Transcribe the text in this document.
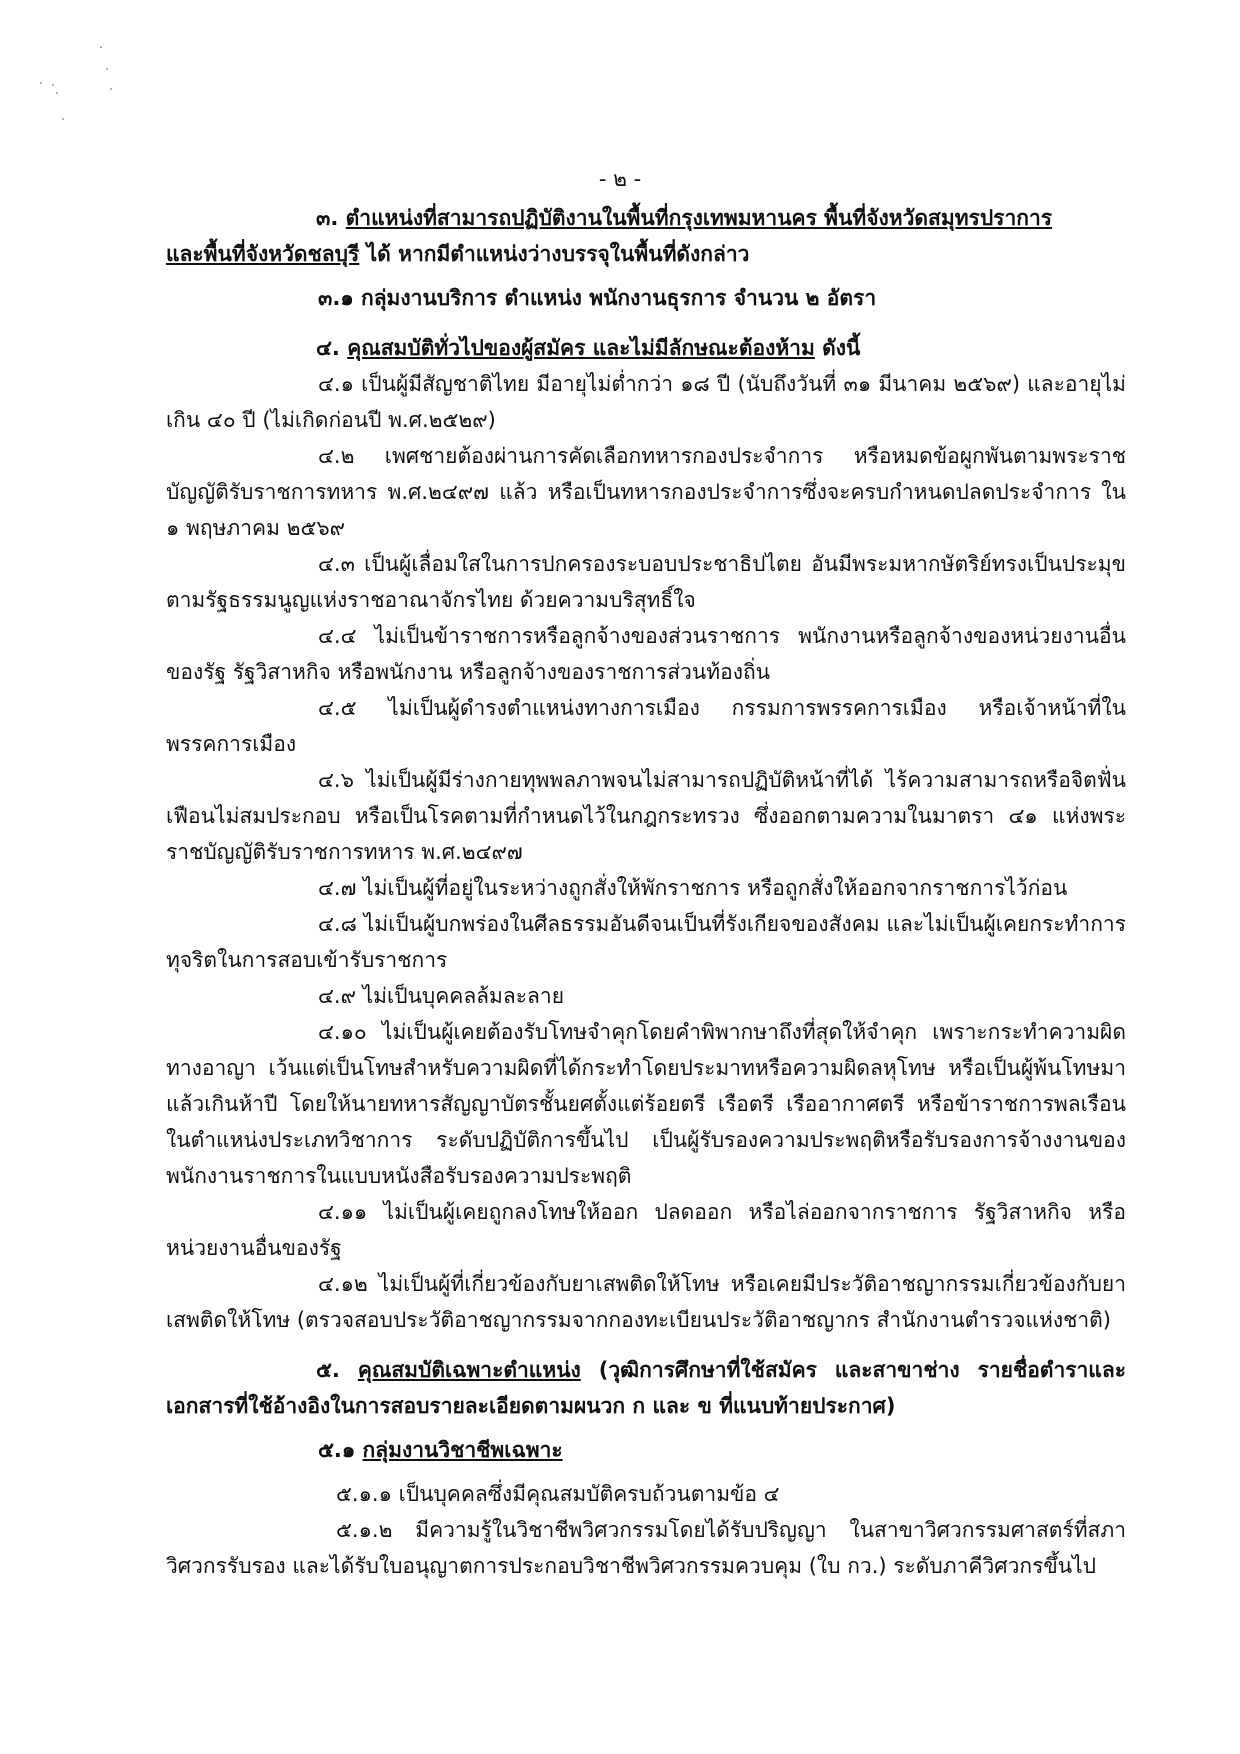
- ๒ -

๓. ตำแหน่งที่สามารถปฏิบัติงานในพื้นที่กรุงเทพมหานคร พื้นที่จังหวัดสมุทรปราการ

และพื้นที่จังหวัดชลบุรี ได้ หากมีตำแหน่งว่างบรรจุในพื้นที่ดังกล่าว

๓.๑ กลุ่มงานบริการ ตำแหน่ง พนักงานธุรการ จำนวน ๒ อัตรา

๔. คุณสมบัติทั่วไปของผู้สมัคร และไม่มีลักษณะต้องห้าม ดังนี้

๔.๑ เป็นผู้มีสัญชาติไทย มีอายุไม่ต่ำกว่า ๑๘ ปี (นับถึงวันที่ ๓๑ มีนาคม ๒๕๖๙) และอายุไม่เกิน ๔๐ ปี (ไม่เกิดก่อนปี พ.ศ.๒๕๒๙)

๔.๒ เพศชายต้องผ่านการคัดเลือกทหารกองประจำการ หรือหมดข้อผูกพันตามพระราชบัญญัติรับราชการทหาร พ.ศ.๒๔๙๗ แล้ว หรือเป็นทหารกองประจำการซึ่งจะครบกำหนดปลดประจำการ ใน ๑ พฤษภาคม ๒๕๖๙

๔.๓ เป็นผู้เลื่อมใสในการปกครองระบอบประชาธิปไตย อันมีพระมหากษัตริย์ทรงเป็นประมุข ตามรัฐธรรมนูญแห่งราชอาณาจักรไทย ด้วยความบริสุทธิ์ใจ

๔.๔ ไม่เป็นข้าราชการหรือลูกจ้างของส่วนราชการ พนักงานหรือลูกจ้างของหน่วยงานอื่นของรัฐ รัฐวิสาหกิจ หรือพนักงาน หรือลูกจ้างของราชการส่วนท้องถิ่น

๔.๕ ไม่เป็นผู้ดำรงตำแหน่งทางการเมือง กรรมการพรรคการเมือง หรือเจ้าหน้าที่ในพรรคการเมือง

๔.๖ ไม่เป็นผู้มีร่างกายทุพพลภาพจนไม่สามารถปฏิบัติหน้าที่ได้ ไร้ความสามารถหรือจิตฟั่นเฟือนไม่สมประกอบ หรือเป็นโรคตามที่กำหนดไว้ในกฎกระทรวง ซึ่งออกตามความในมาตรา ๔๑ แห่งพระราชบัญญัติรับราชการทหาร พ.ศ.๒๔๙๗

๔.๗ ไม่เป็นผู้ที่อยู่ในระหว่างถูกสั่งให้พักราชการ หรือถูกสั่งให้ออกจากราชการไว้ก่อน

๔.๘ ไม่เป็นผู้บกพร่องในศีลธรรมอันดีจนเป็นที่รังเกียจของสังคม และไม่เป็นผู้เคยกระทำการทุจริตในการสอบเข้ารับราชการ

๔.๙ ไม่เป็นบุคคลล้มละลาย

๔.๑๐ ไม่เป็นผู้เคยต้องรับโทษจำคุกโดยคำพิพากษาถึงที่สุดให้จำคุก เพราะกระทำความผิดทางอาญา เว้นแต่เป็นโทษสำหรับความผิดที่ได้กระทำโดยประมาทหรือความผิดลหุโทษ หรือเป็นผู้พ้นโทษมาแล้วเกินห้าปี โดยให้นายทหารสัญญาบัตรชั้นยศตั้งแต่ร้อยตรี เรือตรี เรืออากาศตรี หรือข้าราชการพลเรือนในตำแหน่งประเภทวิชาการ ระดับปฏิบัติการขึ้นไป เป็นผู้รับรองความประพฤติหรือรับรองการจ้างงานของพนักงานราชการในแบบหนังสือรับรองความประพฤติ

๔.๑๑ ไม่เป็นผู้เคยถูกลงโทษให้ออก ปลดออก หรือไล่ออกจากราชการ รัฐวิสาหกิจ หรือหน่วยงานอื่นของรัฐ

๔.๑๒ ไม่เป็นผู้ที่เกี่ยวข้องกับยาเสพติดให้โทษ หรือเคยมีประวัติอาชญากรรมเกี่ยวข้องกับยาเสพติดให้โทษ (ตรวจสอบประวัติอาชญากรรมจากกองทะเบียนประวัติอาชญากร สำนักงานตำรวจแห่งชาติ)

๕. คุณสมบัติเฉพาะตำแหน่ง (วุฒิการศึกษาที่ใช้สมัคร และสาขาช่าง รายชื่อตำราและเอกสารที่ใช้อ้างอิงในการสอบรายละเอียดตามผนวก ก และ ข ที่แนบท้ายประกาศ)

๕.๑ กลุ่มงานวิชาชีพเฉพาะ

๕.๑.๑ เป็นบุคคลซึ่งมีคุณสมบัติครบถ้วนตามข้อ ๔

๕.๑.๒ มีความรู้ในวิชาชีพวิศวกรรมโดยได้รับปริญญา ในสาขาวิศวกรรมศาสตร์ที่สภาวิศวกรรับรอง และได้รับใบอนุญาตการประกอบวิชาชีพวิศวกรรมควบคุม (ใบ กว.) ระดับภาคีวิศวกรขึ้นไป
